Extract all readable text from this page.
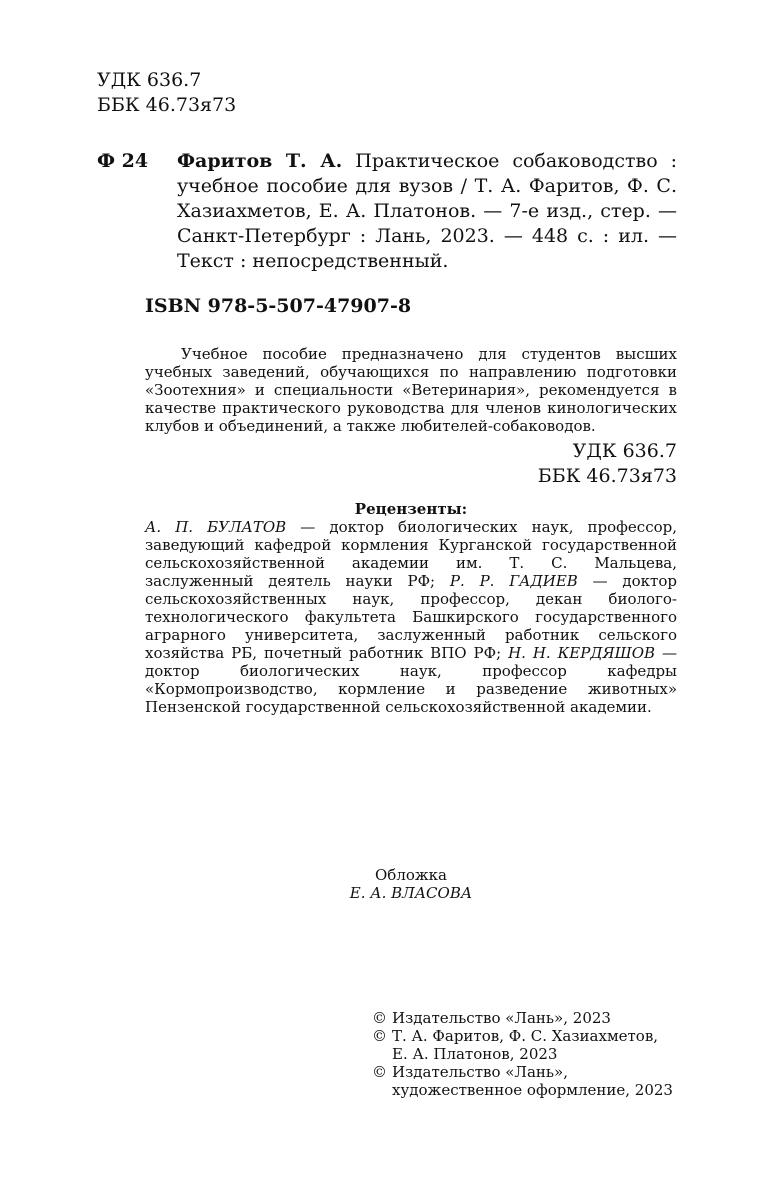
УДК 636.7
ББК 46.73я73
Ф 24 Фаритов Т. А. Практическое собаководство : учебное пособие для вузов / Т. А. Фаритов, Ф. С. Хазиахметов, Е. А. Платонов. — 7-е изд., стер. — Санкт-Петербург : Лань, 2023. — 448 с. : ил. — Текст : непосредственный.
ISBN 978-5-507-47907-8
Учебное пособие предназначено для студентов высших учебных заведений, обучающихся по направлению подготовки «Зоотехния» и специальности «Ветеринария», рекомендуется в качестве практического руководства для членов кинологических клубов и объединений, а также любителей-собаководов.
УДК 636.7
ББК 46.73я73
Рецензенты:
А. П. БУЛАТОВ — доктор биологических наук, профессор, заведующий кафедрой кормления Курганской государственной сельскохозяйственной академии им. Т. С. Мальцева, заслуженный деятель науки РФ; Р. Р. ГАДИЕВ — доктор сельскохозяйственных наук, профессор, декан биолого-технологического факультета Башкирского государственного аграрного университета, заслуженный работник сельского хозяйства РБ, почетный работник ВПО РФ; Н. Н. КЕРДЯШОВ — доктор биологических наук, профессор кафедры «Кормопроизводство, кормление и разведение животных» Пензенской государственной сельскохозяйственной академии.
Обложка
Е. А. ВЛАСОВА
© Издательство «Лань», 2023
© Т. А. Фаритов, Ф. С. Хазиахметов,
Е. А. Платонов, 2023
© Издательство «Лань»,
художественное оформление, 2023
